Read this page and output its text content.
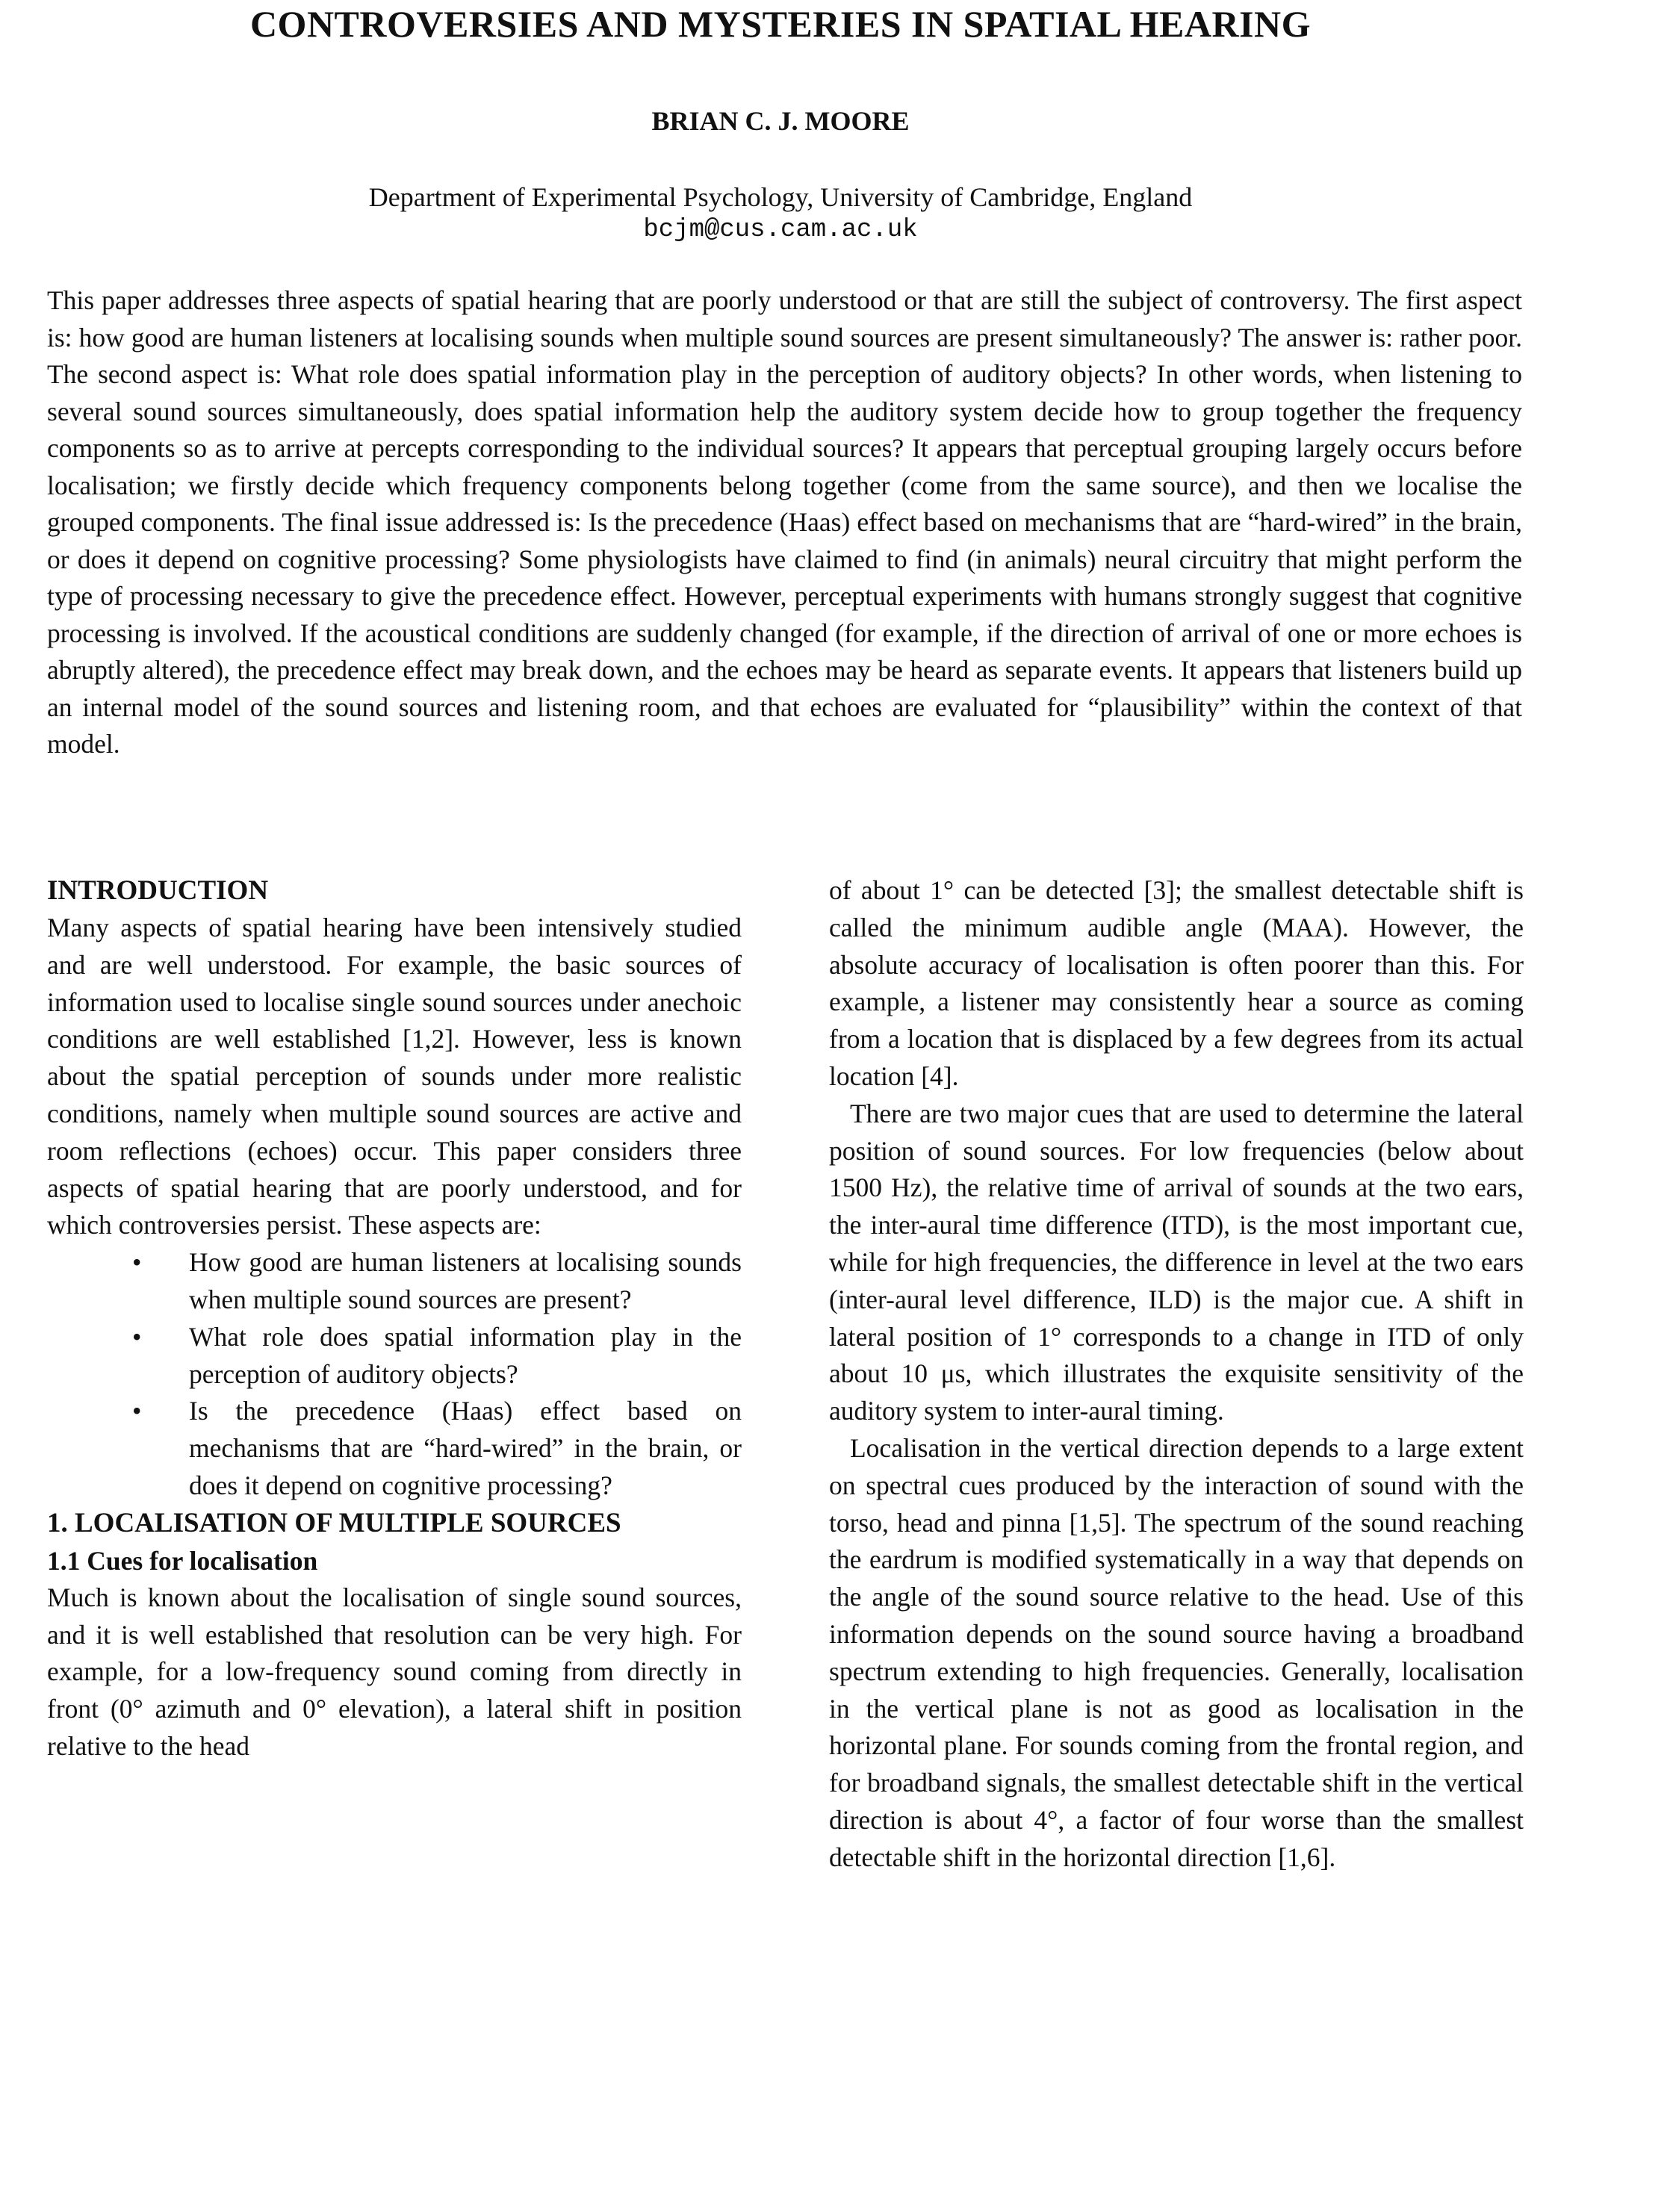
CONTROVERSIES AND MYSTERIES IN SPATIAL HEARING
BRIAN C. J. MOORE
Department of Experimental Psychology, University of Cambridge, England
bcjm@cus.cam.ac.uk

This paper addresses three aspects of spatial hearing that are poorly understood or that are still the subject of controversy. The first aspect is: how good are human listeners at localising sounds when multiple sound sources are present simultaneously? The answer is: rather poor. The second aspect is: What role does spatial information play in the perception of auditory objects? In other words, when listening to several sound sources simultaneously, does spatial information help the auditory system decide how to group together the frequency components so as to arrive at percepts corresponding to the individual sources? It appears that perceptual grouping largely occurs before localisation; we firstly decide which frequency components belong together (come from the same source), and then we localise the grouped components. The final issue addressed is: Is the precedence (Haas) effect based on mechanisms that are “hard-wired” in the brain, or does it depend on cognitive processing? Some physiologists have claimed to find (in animals) neural circuitry that might perform the type of processing necessary to give the precedence effect. However, perceptual experiments with humans strongly suggest that cognitive processing is involved. If the acoustical conditions are suddenly changed (for example, if the direction of arrival of one or more echoes is abruptly altered), the precedence effect may break down, and the echoes may be heard as separate events. It appears that listeners build up an internal model of the sound sources and listening room, and that echoes are evaluated for “plausibility” within the context of that model.

INTRODUCTION

Many aspects of spatial hearing have been intensively studied and are well understood. For example, the basic sources of information used to localise single sound sources under anechoic conditions are well established [1,2]. However, less is known about the spatial perception of sounds under more realistic conditions, namely when multiple sound sources are active and room reflections (echoes) occur. This paper considers three aspects of spatial hearing that are poorly understood, and for which controversies persist. These aspects are:

• How good are human listeners at localising sounds when multiple sound sources are present?
• What role does spatial information play in the perception of auditory objects?
• Is the precedence (Haas) effect based on mechanisms that are “hard-wired” in the brain, or does it depend on cognitive processing?

1. LOCALISATION OF MULTIPLE SOURCES

1.1 Cues for localisation

Much is known about the localisation of single sound sources, and it is well established that resolution can be very high. For example, for a low-frequency sound coming from directly in front (0° azimuth and 0° elevation), a lateral shift in position relative to the head

of about 1° can be detected [3]; the smallest detectable shift is called the minimum audible angle (MAA). However, the absolute accuracy of localisation is often poorer than this. For example, a listener may consistently hear a source as coming from a location that is displaced by a few degrees from its actual location [4].

There are two major cues that are used to determine the lateral position of sound sources. For low frequencies (below about 1500 Hz), the relative time of arrival of sounds at the two ears, the inter-aural time difference (ITD), is the most important cue, while for high frequencies, the difference in level at the two ears (inter-aural level difference, ILD) is the major cue. A shift in lateral position of 1° corresponds to a change in ITD of only about 10 μs, which illustrates the exquisite sensitivity of the auditory system to inter-aural timing.

Localisation in the vertical direction depends to a large extent on spectral cues produced by the interaction of sound with the torso, head and pinna [1,5]. The spectrum of the sound reaching the eardrum is modified systematically in a way that depends on the angle of the sound source relative to the head. Use of this information depends on the sound source having a broadband spectrum extending to high frequencies. Generally, localisation in the vertical plane is not as good as localisation in the horizontal plane. For sounds coming from the frontal region, and for broadband signals, the smallest detectable shift in the vertical direction is about 4°, a factor of four worse than the smallest detectable shift in the horizontal direction [1,6].
